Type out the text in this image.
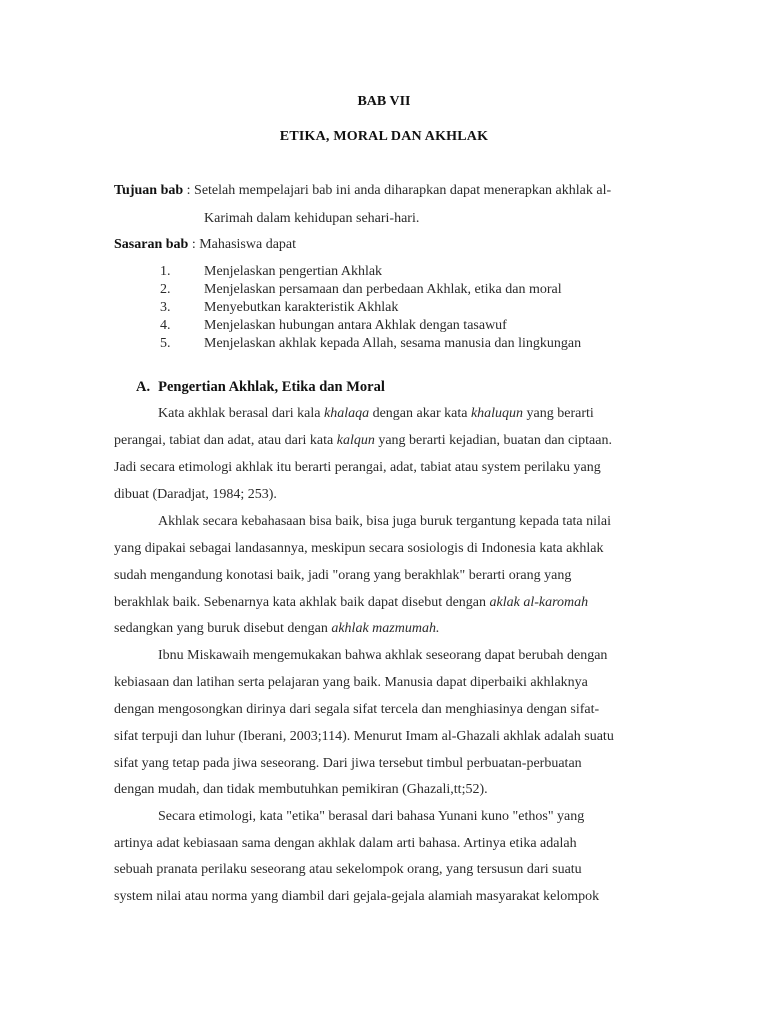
BAB VII
ETIKA, MORAL DAN AKHLAK
Tujuan bab : Setelah mempelajari bab ini anda diharapkan dapat menerapkan akhlak al-
Karimah dalam kehidupan sehari-hari.
Sasaran bab : Mahasiswa dapat
1. Menjelaskan pengertian Akhlak
2. Menjelaskan persamaan dan perbedaan Akhlak, etika dan moral
3. Menyebutkan karakteristik Akhlak
4. Menjelaskan hubungan antara Akhlak dengan tasawuf
5. Menjelaskan akhlak kepada Allah, sesama manusia dan lingkungan
A. Pengertian Akhlak, Etika dan Moral
Kata akhlak berasal dari kala khalaqa dengan akar kata khaluqun yang berarti
perangai, tabiat dan adat, atau dari kata kalqun yang berarti kejadian, buatan dan ciptaan.
Jadi secara etimologi akhlak itu berarti perangai, adat, tabiat atau system perilaku yang
dibuat (Daradjat, 1984; 253).
Akhlak secara kebahasaan bisa baik, bisa juga buruk tergantung kepada tata nilai
yang dipakai sebagai landasannya, meskipun secara sosiologis di Indonesia kata akhlak
sudah mengandung konotasi baik, jadi "orang yang berakhlak" berarti orang yang
berakhlak baik. Sebenarnya kata akhlak baik dapat disebut dengan aklak al-karomah
sedangkan yang buruk disebut dengan akhlak mazmumah.
Ibnu Miskawaih mengemukakan bahwa akhlak seseorang dapat berubah dengan
kebiasaan dan latihan serta pelajaran yang baik. Manusia dapat diperbaiki akhlaknya
dengan mengosongkan dirinya dari segala sifat tercela dan menghiasinya dengan sifat-
sifat terpuji dan luhur (Iberani, 2003;114). Menurut Imam al-Ghazali akhlak adalah suatu
sifat yang tetap pada jiwa seseorang. Dari jiwa tersebut timbul perbuatan-perbuatan
dengan mudah, dan tidak membutuhkan pemikiran (Ghazali,tt;52).
Secara etimologi, kata "etika" berasal dari bahasa Yunani kuno "ethos" yang
artinya adat kebiasaan sama dengan akhlak dalam arti bahasa. Artinya etika adalah
sebuah pranata perilaku seseorang atau sekelompok orang, yang tersusun dari suatu
system nilai atau norma yang diambil dari gejala-gejala alamiah masyarakat kelompok
